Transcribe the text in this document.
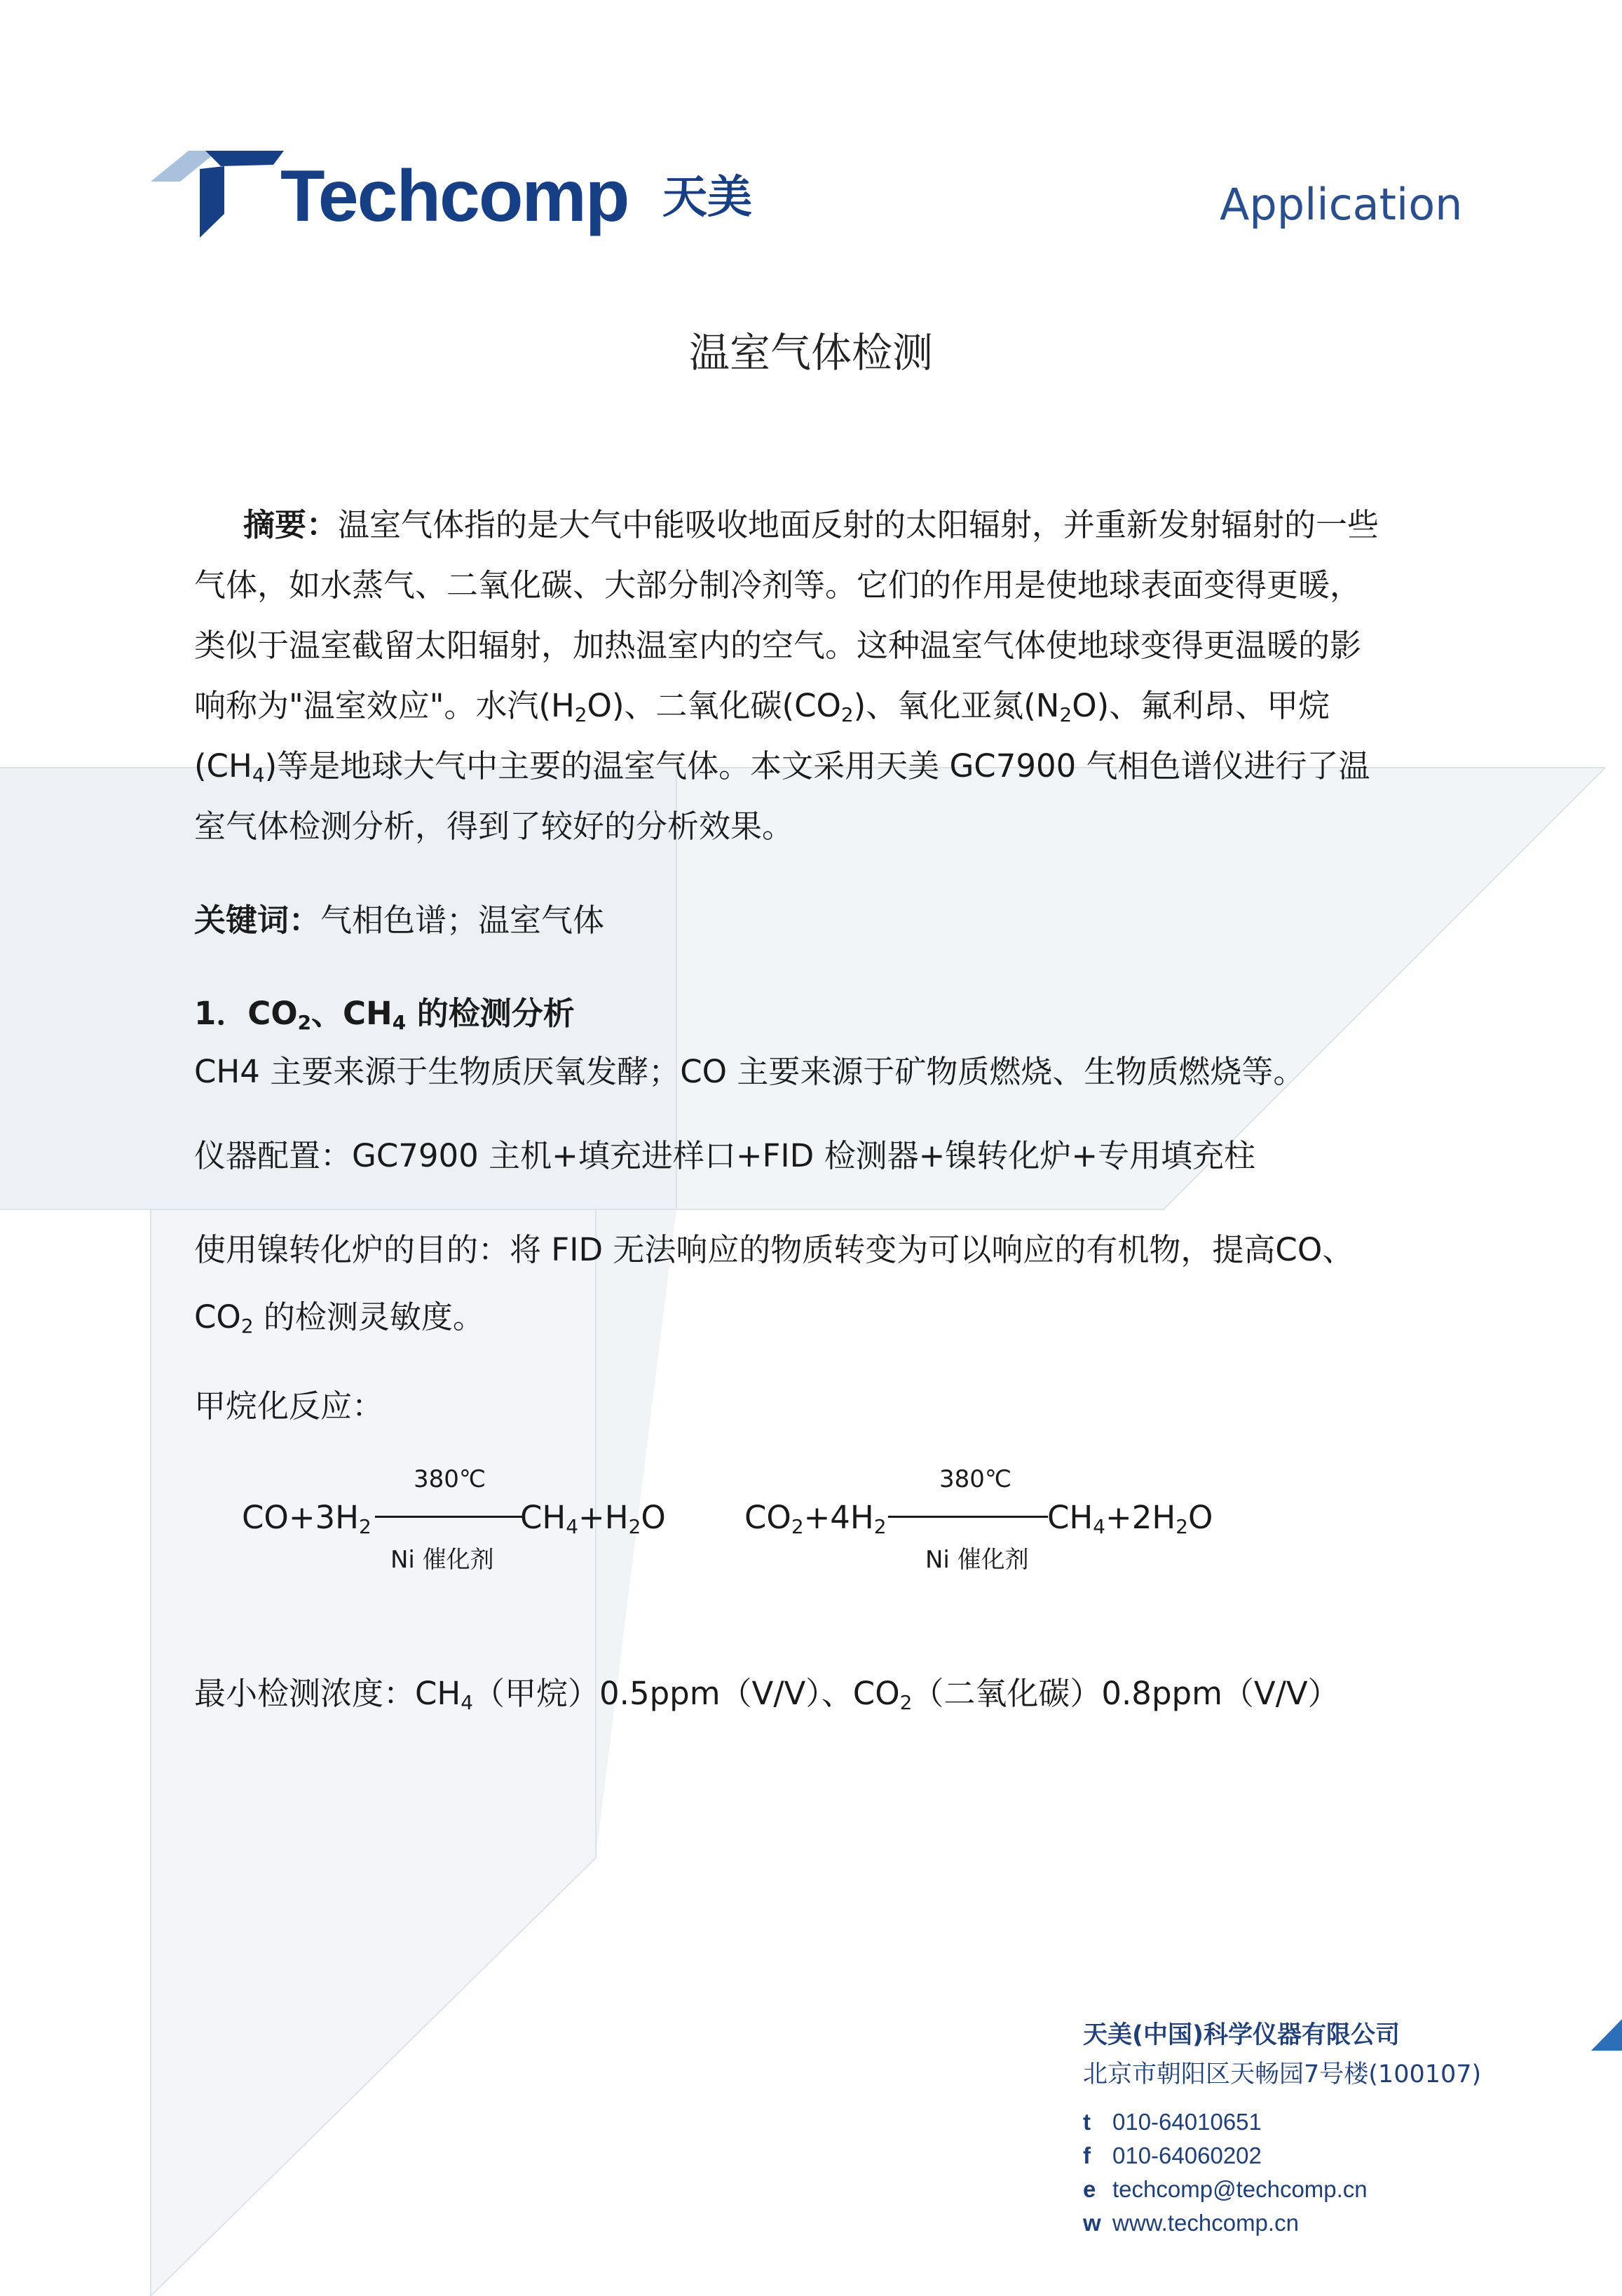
Techcomp 天美	Application
温室气体检测
摘要：温室气体指的是大气中能吸收地面反射的太阳辐射，并重新发射辐射的一些
气体，如水蒸气、二氧化碳、大部分制冷剂等。它们的作用是使地球表面变得更暖，
类似于温室截留太阳辐射，加热温室内的空气。这种温室气体使地球变得更温暖的影
响称为"温室效应"。水汽$(H_2O)$、二氧化碳$(CO_2)$、氧化亚氮$(N_2O)$、氟利昂、甲烷
$(CH_4)$等是地球大气中主要的温室气体。本文采用天美 GC7900 气相色谱仪进行了温
室气体检测分析，得到了较好的分析效果。
关键词：气相色谱；温室气体
1．$CO_2$、$CH_4$ 的检测分析
CH4 主要来源于生物质厌氧发酵；CO 主要来源于矿物质燃烧、生物质燃烧等。
仪器配置：GC7900 主机+填充进样口+FID 检测器+镍转化炉+专用填充柱
使用镍转化炉的目的：将 FID 无法响应的物质转变为可以响应的有机物，提高CO、
$CO_2$ 的检测灵敏度。
甲烷化反应：
380℃
$CO+3H_2$	$CH_4+H_2O$
Ni 催化剂
380℃
$CO_2+4H_2$	$CH_4+2H_2O$
Ni 催化剂
最小检测浓度：$CH_4$（甲烷）0.5ppm（V/V）、$CO_2$（二氧化碳）0.8ppm（V/V）
天美(中国)科学仪器有限公司
北京市朝阳区天畅园7号楼(100107)
t 010-64010651
f 010-64060202
e techcomp@techcomp.cn
w www.techcomp.cn
